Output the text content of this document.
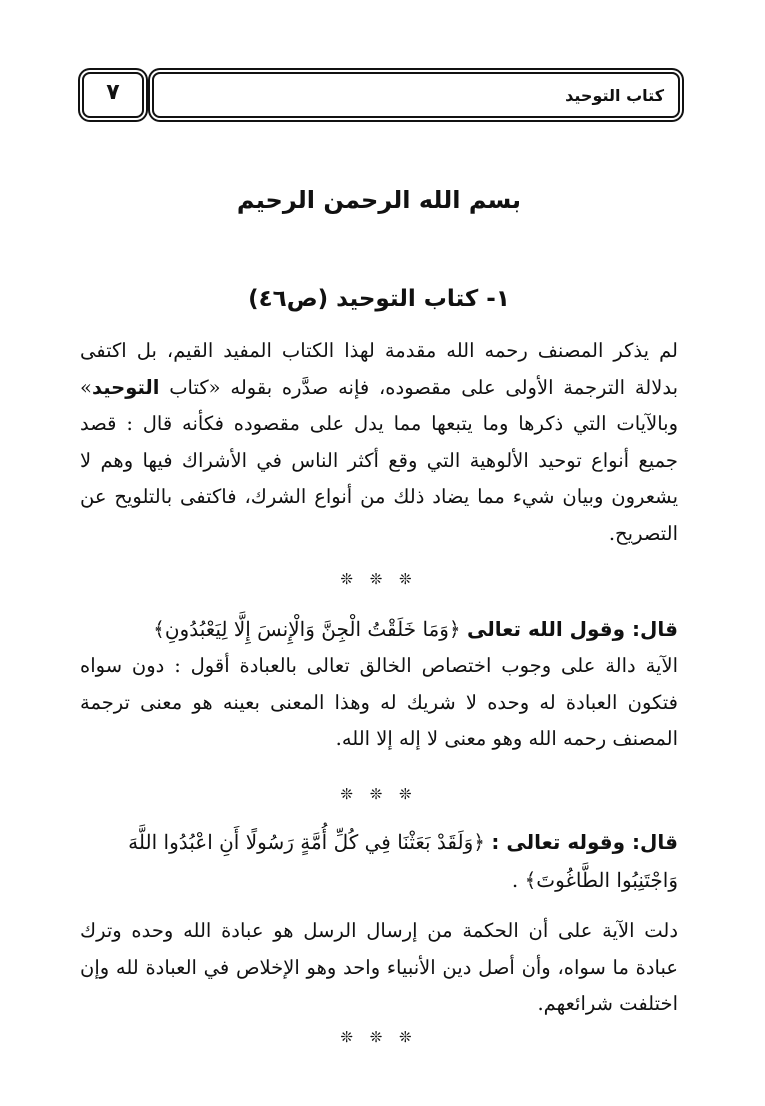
٧	كتاب التوحيد
بسم الله الرحمن الرحيم
١- كتاب التوحيد (ص٤٦)
لم يذكر المصنف رحمه الله مقدمة لهذا الكتاب المفيد القيم، بل اكتفى بدلالة الترجمة الأولى على مقصوده، فإنه صدَّره بقوله «كتاب التوحيد» وبالآيات التي ذكرها وما يتبعها مما يدل على مقصوده فكأنه قال : قصد جميع أنواع توحيد الألوهية التي وقع أكثر الناس في الأشراك فيها وهم لا يشعرون وبيان شيء مما يضاد ذلك من أنواع الشرك، فاكتفى بالتلويح عن التصريح.
❊ ❊ ❊
قال: وقول الله تعالى ﴿وَمَا خَلَقْتُ الْجِنَّ وَالْإِنسَ إِلَّا لِيَعْبُدُونِ﴾
الآية دالة على وجوب اختصاص الخالق تعالى بالعبادة أقول : دون سواه فتكون العبادة له وحده لا شريك له وهذا المعنى بعينه هو معنى ترجمة المصنف رحمه الله وهو معنى لا إله إلا الله.
❊ ❊ ❊
قال: وقوله تعالى : ﴿وَلَقَدْ بَعَثْنَا فِي كُلِّ أُمَّةٍ رَسُولًا أَنِ اعْبُدُوا اللَّهَ وَاجْتَنِبُوا الطَّاغُوتَ﴾ .
دلت الآية على أن الحكمة من إرسال الرسل هو عبادة الله وحده وترك عبادة ما سواه، وأن أصل دين الأنبياء واحد وهو الإخلاص في العبادة لله وإن اختلفت شرائعهم.
❊ ❊ ❊
